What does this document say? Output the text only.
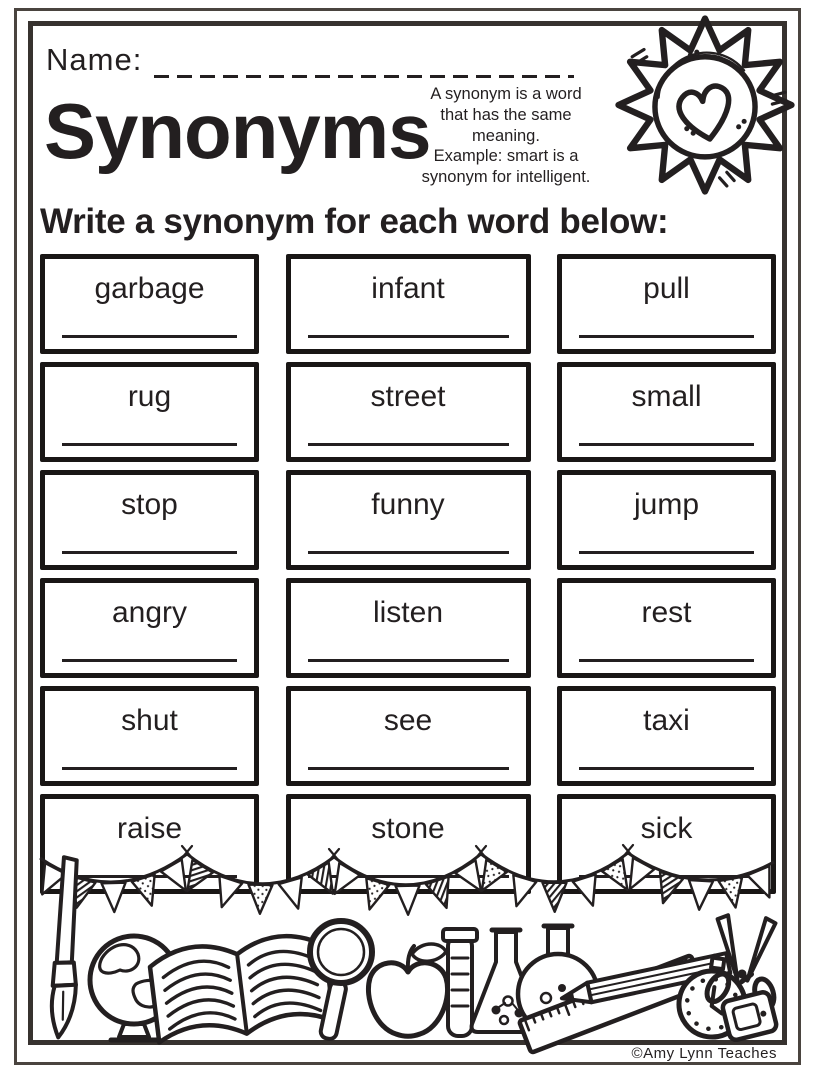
Name:
Synonyms A synonym is a word
that has the same
meaning.
Example: smart is a
synonym for intelligent.
Write a synonym for each word below:
garbage	infant	pull
rug	street	small
stop	funny	jump
angry	listen	rest
shut	see	taxi
raise	stone	sick
©Amy Lynn Teaches
